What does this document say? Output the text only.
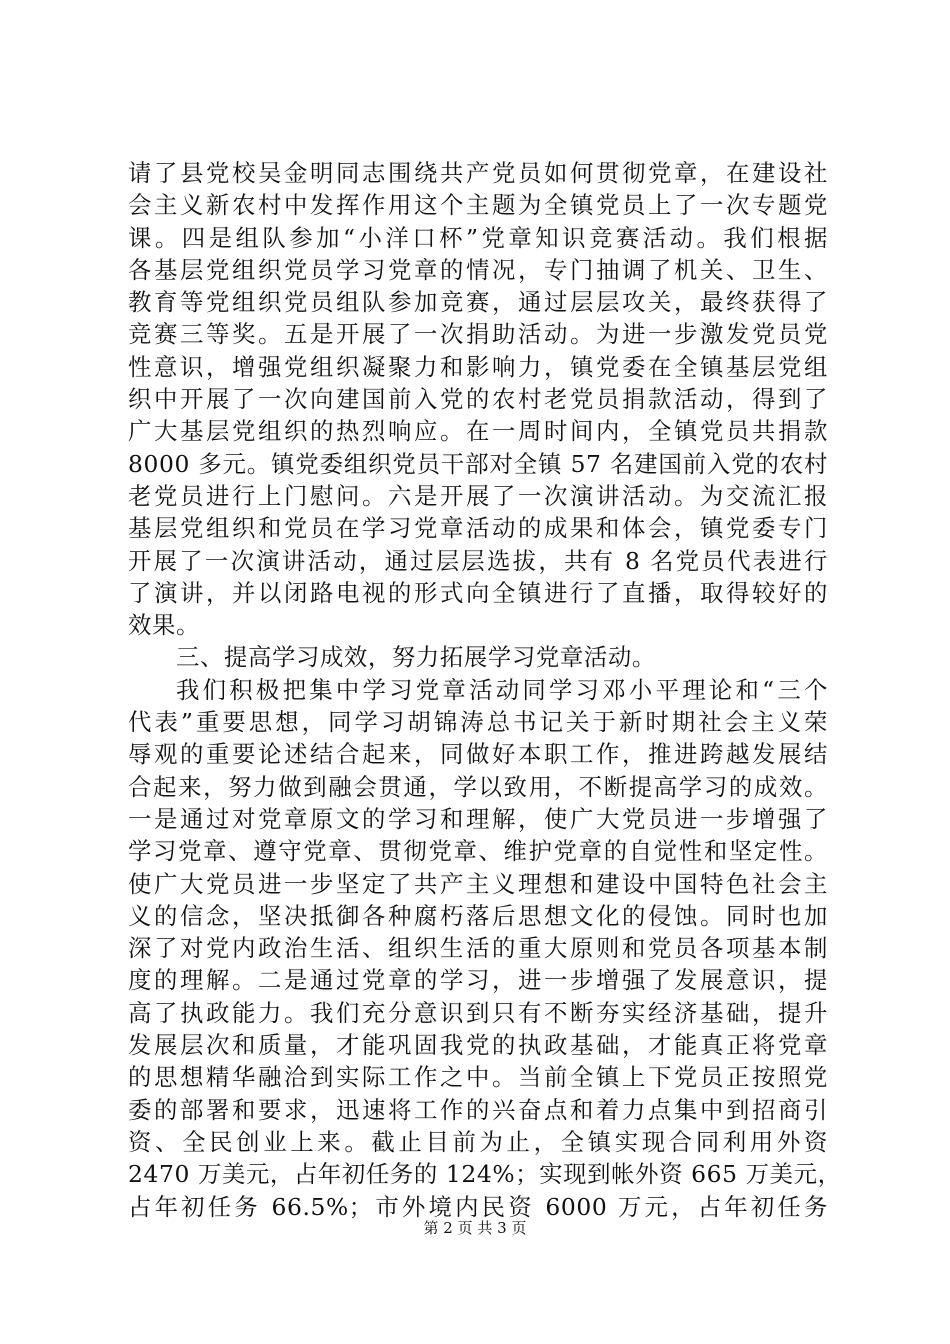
请了县党校吴金明同志围绕共产党员如何贯彻党章，在建设社
会主义新农村中发挥作用这个主题为全镇党员上了一次专题党
课。四是组队参加“小洋口杯”党章知识竞赛活动。我们根据
各基层党组织党员学习党章的情况，专门抽调了机关、卫生、
教育等党组织党员组队参加竞赛，通过层层攻关，最终获得了
竞赛三等奖。五是开展了一次捐助活动。为进一步激发党员党
性意识，增强党组织凝聚力和影响力，镇党委在全镇基层党组
织中开展了一次向建国前入党的农村老党员捐款活动，得到了
广大基层党组织的热烈响应。在一周时间内，全镇党员共捐款
8000 多元。镇党委组织党员干部对全镇 57 名建国前入党的农村
老党员进行上门慰问。六是开展了一次演讲活动。为交流汇报
基层党组织和党员在学习党章活动的成果和体会，镇党委专门
开展了一次演讲活动，通过层层选拔，共有 8 名党员代表进行
了演讲，并以闭路电视的形式向全镇进行了直播，取得较好的
效果。
三、提高学习成效，努力拓展学习党章活动。
我们积极把集中学习党章活动同学习邓小平理论和“三个
代表”重要思想，同学习胡锦涛总书记关于新时期社会主义荣
辱观的重要论述结合起来，同做好本职工作，推进跨越发展结
合起来，努力做到融会贯通，学以致用，不断提高学习的成效。
一是通过对党章原文的学习和理解，使广大党员进一步增强了
学习党章、遵守党章、贯彻党章、维护党章的自觉性和坚定性。
使广大党员进一步坚定了共产主义理想和建设中国特色社会主
义的信念，坚决抵御各种腐朽落后思想文化的侵蚀。同时也加
深了对党内政治生活、组织生活的重大原则和党员各项基本制
度的理解。二是通过党章的学习，进一步增强了发展意识，提
高了执政能力。我们充分意识到只有不断夯实经济基础，提升
发展层次和质量，才能巩固我党的执政基础，才能真正将党章
的思想精华融洽到实际工作之中。当前全镇上下党员正按照党
委的部署和要求，迅速将工作的兴奋点和着力点集中到招商引
资、全民创业上来。截止目前为止，全镇实现合同利用外资
2470 万美元，占年初任务的 124%；实现到帐外资 665 万美元，
占年初任务 66.5%；市外境内民资 6000 万元，占年初任务
第 2 页 共 3 页
